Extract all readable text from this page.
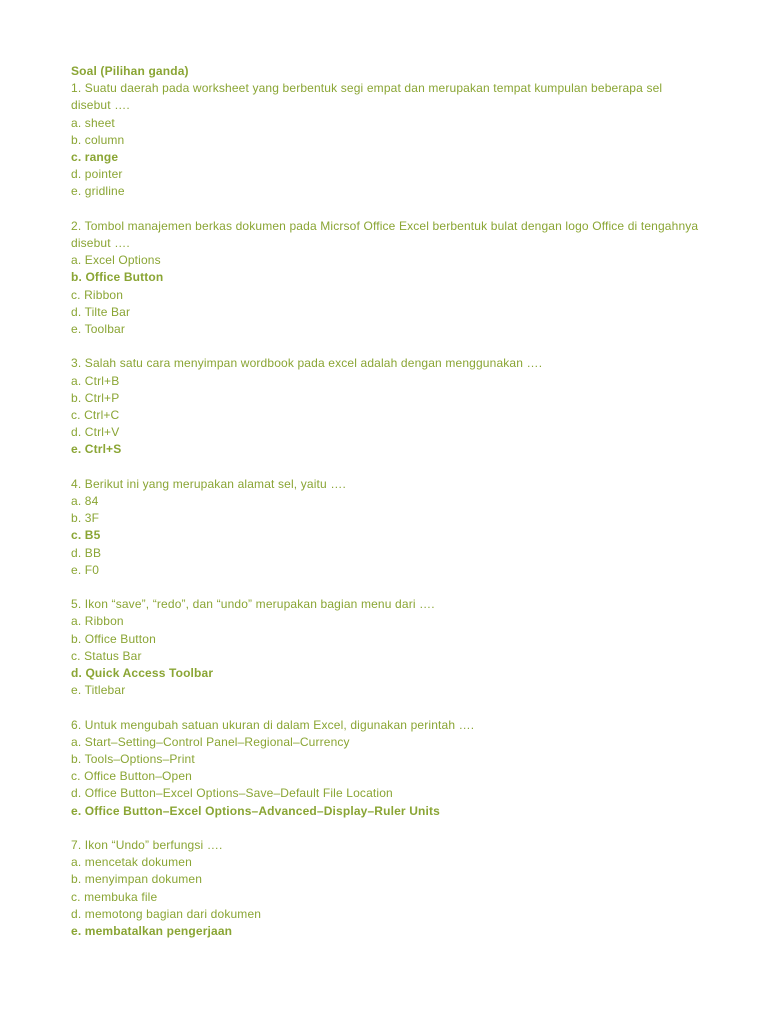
Soal (Pilihan ganda)
1. Suatu daerah pada worksheet yang berbentuk segi empat dan merupakan tempat kumpulan beberapa sel disebut ….
a. sheet
b. column
c. range
d. pointer
e. gridline
2. Tombol manajemen berkas dokumen pada Micrsof Office Excel berbentuk bulat dengan logo Office di tengahnya disebut ….
a. Excel Options
b. Office Button
c. Ribbon
d. Tilte Bar
e. Toolbar
3. Salah satu cara menyimpan wordbook pada excel adalah dengan menggunakan ….
a. Ctrl+B
b. Ctrl+P
c. Ctrl+C
d. Ctrl+V
e. Ctrl+S
4. Berikut ini yang merupakan alamat sel, yaitu ….
a. 84
b. 3F
c. B5
d. BB
e. F0
5. Ikon “save”, “redo”, dan “undo” merupakan bagian menu dari ….
a. Ribbon
b. Office Button
c. Status Bar
d. Quick Access Toolbar
e. Titlebar
6. Untuk mengubah satuan ukuran di dalam Excel, digunakan perintah ….
a. Start–Setting–Control Panel–Regional–Currency
b. Tools–Options–Print
c. Office Button–Open
d. Office Button–Excel Options–Save–Default File Location
e. Office Button–Excel Options–Advanced–Display–Ruler Units
7. Ikon “Undo” berfungsi ….
a. mencetak dokumen
b. menyimpan dokumen
c. membuka file
d. memotong bagian dari dokumen
e. membatalkan pengerjaan
